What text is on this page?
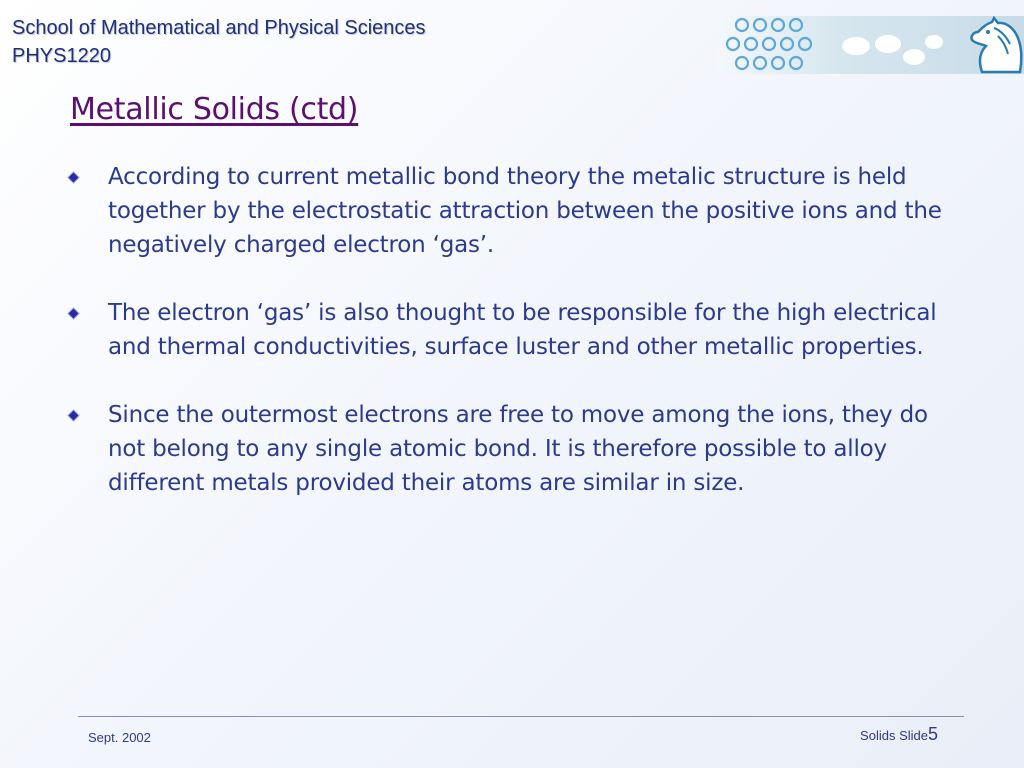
School of Mathematical and Physical Sciences

PHYS1220

Metallic Solids (ctd)
According to current metallic bond theory the metalic structure is held together by the electrostatic attraction between the positive ions and the negatively charged electron ‘gas’.
The electron ‘gas’ is also thought to be responsible for the high electrical and thermal conductivities, surface luster and other metallic properties.
Since the outermost electrons are free to move among the ions, they do not belong to any single atomic bond. It is therefore possible to alloy different metals provided their atoms are similar in size.
Sept. 2002	Solids Slide5
